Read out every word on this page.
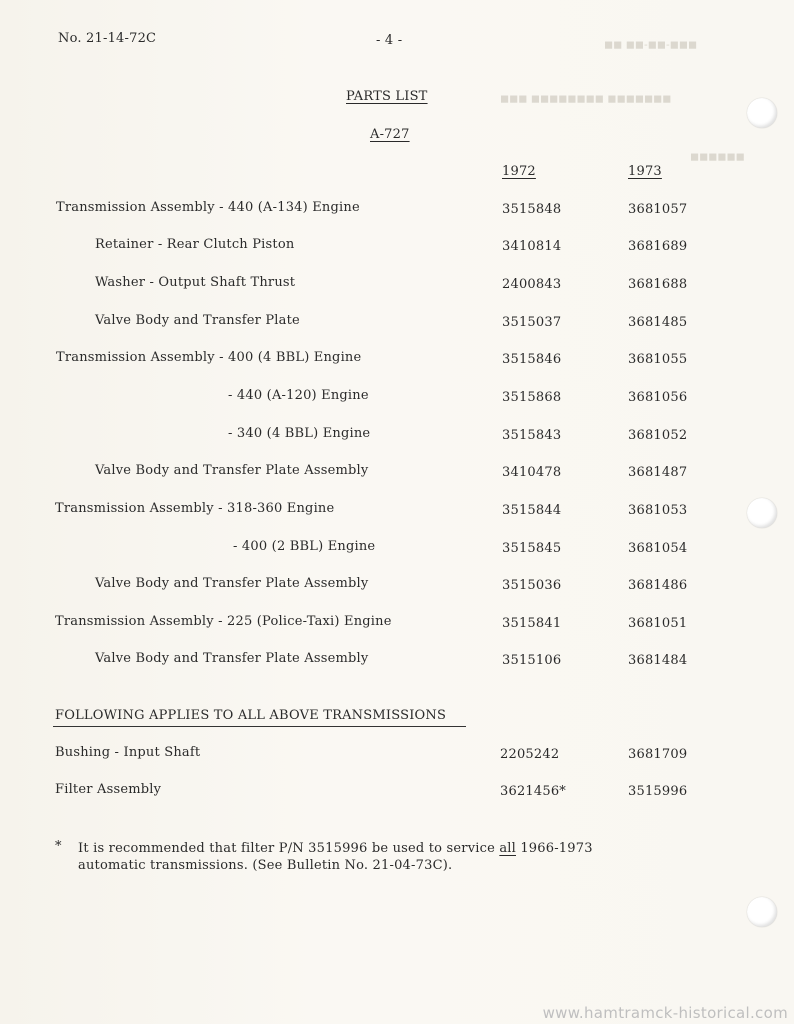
◼◼ ◼◼-◼◼-◼◼◼
◼◼◼ ◼◼◼◼◼◼◼◼ ◼◼◼◼◼◼◼
◼◼◼◼◼◼
No. 21-14-72C	- 4 -
PARTS LIST
A-727
1972	1973
Transmission Assembly - 440 (A-134) Engine	3515848	3681057
Retainer - Rear Clutch Piston	3410814	3681689
Washer - Output Shaft Thrust	2400843	3681688
Valve Body and Transfer Plate	3515037	3681485
Transmission Assembly - 400 (4 BBL) Engine	3515846	3681055
- 440 (A-120) Engine	3515868	3681056
- 340 (4 BBL) Engine	3515843	3681052
Valve Body and Transfer Plate Assembly	3410478	3681487
Transmission Assembly - 318-360 Engine	3515844	3681053
- 400 (2 BBL) Engine	3515845	3681054
Valve Body and Transfer Plate Assembly	3515036	3681486
Transmission Assembly - 225 (Police-Taxi) Engine	3515841	3681051
Valve Body and Transfer Plate Assembly	3515106	3681484
FOLLOWING APPLIES TO ALL ABOVE TRANSMISSIONS
Bushing - Input Shaft	2205242	3681709
Filter Assembly	3621456*	3515996
* It is recommended that filter P/N 3515996 be used to service all 1966-1973
automatic transmissions. (See Bulletin No. 21-04-73C).
www.hamtramck-historical.com
